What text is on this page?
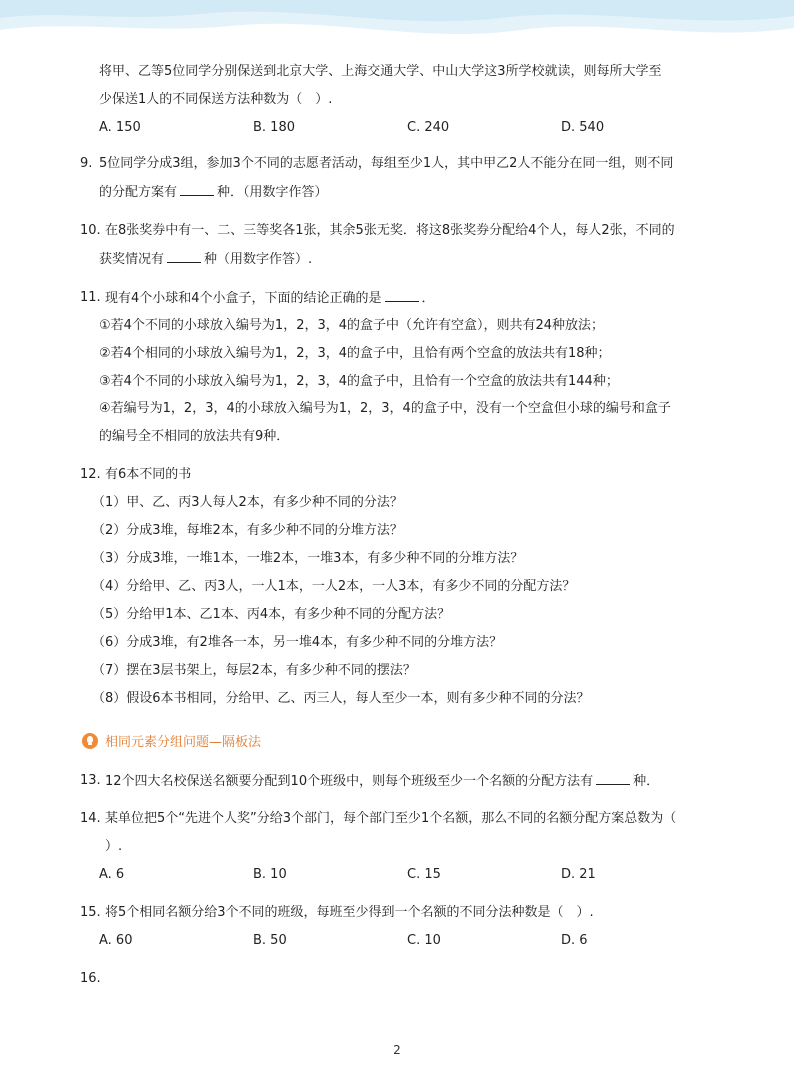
将甲、乙等5位同学分别保送到北京大学、上海交通大学、中山大学这3所学校就读，则每所大学至
少保送1人的不同保送方法种数为（　）.
A. 150	B. 180	C. 240	D. 540
9. 5位同学分成3组，参加3个不同的志愿者活动，每组至少1人，其中甲乙2人不能分在同一组，则不同
的分配方案有	种．（用数字作答）
10. 在8张奖券中有一、二、三等奖各1张，其余5张无奖．将这8张奖券分配给4个人，每人2张，不同的
获奖情况有	种（用数字作答）.
11. 现有4个小球和4个小盒子，下面的结论正确的是	．
①若4个不同的小球放入编号为1，2，3，4的盒子中（允许有空盒），则共有24种放法；
②若4个相同的小球放入编号为1，2，3，4的盒子中，且恰有两个空盒的放法共有18种；
③若4个不同的小球放入编号为1，2，3，4的盒子中，且恰有一个空盒的放法共有144种；
④若编号为1，2，3，4的小球放入编号为1，2，3，4的盒子中，没有一个空盒但小球的编号和盒子
的编号全不相同的放法共有9种．
12. 有6本不同的书
（1）甲、乙、丙3人每人2本，有多少种不同的分法？
（2）分成3堆，每堆2本，有多少种不同的分堆方法？
（3）分成3堆，一堆1本，一堆2本，一堆3本，有多少种不同的分堆方法？
（4）分给甲、乙、丙3人，一人1本，一人2本，一人3本，有多少不同的分配方法？
（5）分给甲1本、乙1本、丙4本，有多少种不同的分配方法？
（6）分成3堆，有2堆各一本，另一堆4本，有多少种不同的分堆方法？
（7）摆在3层书架上，每层2本，有多少种不同的摆法？
（8）假设6本书相同，分给甲、乙、丙三人，每人至少一本，则有多少种不同的分法？
相同元素分组问题—隔板法
13. 12个四大名校保送名额要分配到10个班级中，则每个班级至少一个名额的分配方法有	种．
14. 某单位把5个“先进个人奖”分给3个部门，每个部门至少1个名额，那么不同的名额分配方案总数为（
）.
A. 6	B. 10	C. 15	D. 21
15. 将5个相同名额分给3个不同的班级，每班至少得到一个名额的不同分法种数是（　）.
A. 60	B. 50	C. 10	D. 6
16.
2
